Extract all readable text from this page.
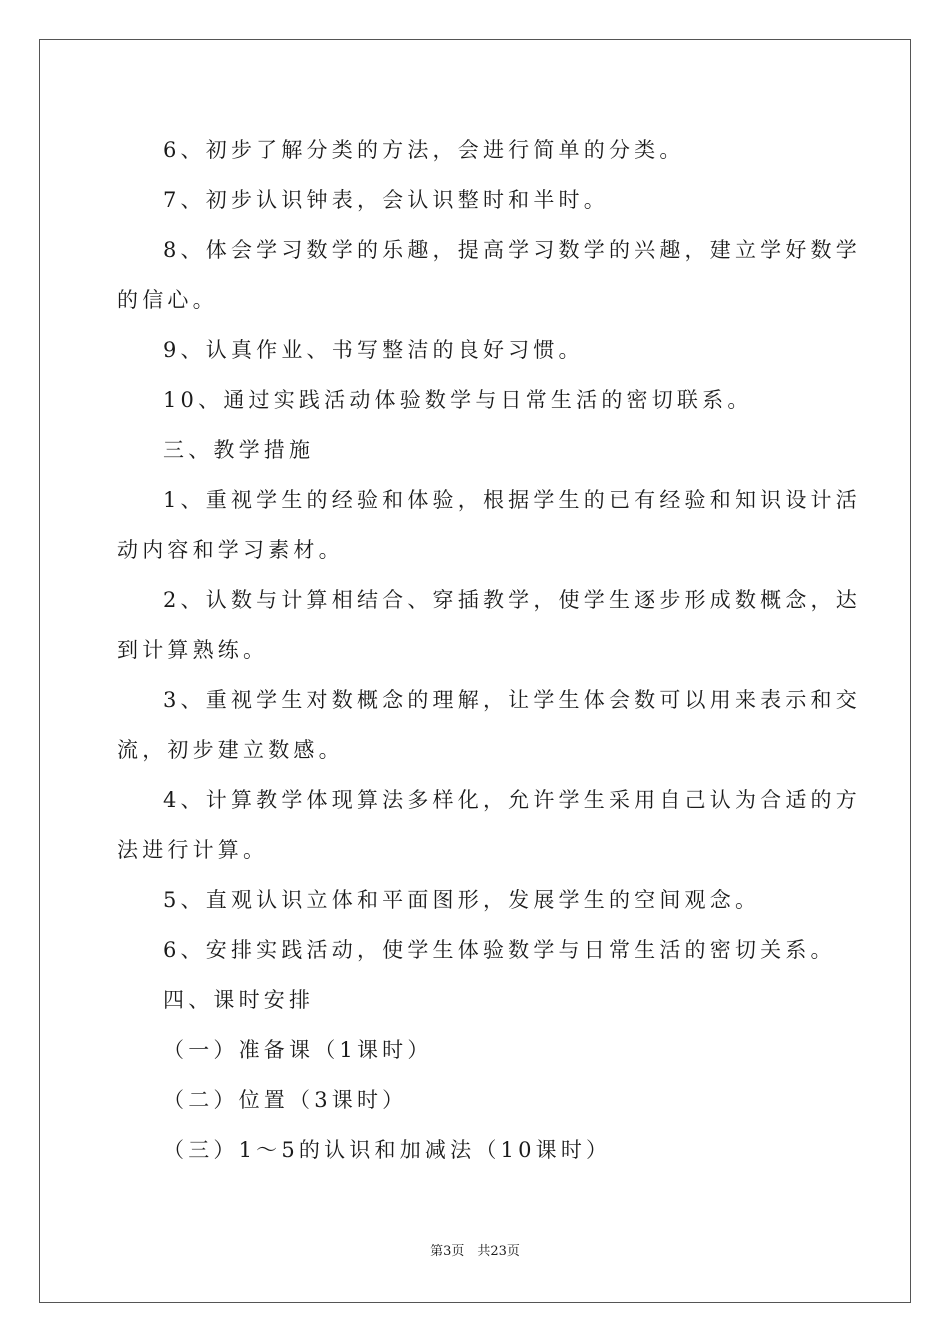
6、初步了解分类的方法，会进行简单的分类。
7、初步认识钟表，会认识整时和半时。
8、体会学习数学的乐趣，提高学习数学的兴趣，建立学好数学
的信心。
9、认真作业、书写整洁的良好习惯。
10、通过实践活动体验数学与日常生活的密切联系。
三、教学措施
1、重视学生的经验和体验，根据学生的已有经验和知识设计活
动内容和学习素材。
2、认数与计算相结合、穿插教学，使学生逐步形成数概念，达
到计算熟练。
3、重视学生对数概念的理解，让学生体会数可以用来表示和交
流，初步建立数感。
4、计算教学体现算法多样化，允许学生采用自己认为合适的方
法进行计算。
5、直观认识立体和平面图形，发展学生的空间观念。
6、安排实践活动，使学生体验数学与日常生活的密切关系。
四、课时安排
（一）准备课（1课时）
（二）位置（3课时）
（三）1～5的认识和加减法（10课时）
第3页　共23页
